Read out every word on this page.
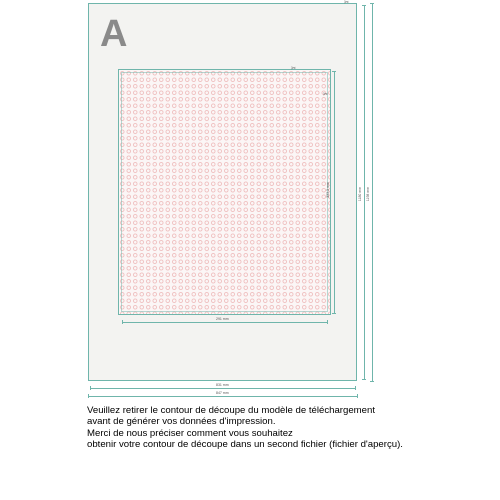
A
✂
✂
✂
291 mm
333,3 mm
831 mm
847 mm
1180 mm 1198 mm
Veuillez retirer le contour de découpe du modèle de téléchargement
avant de générer vos données d'impression.
Merci de nous préciser comment vous souhaitez
obtenir votre contour de découpe dans un second fichier (fichier d'aperçu).
